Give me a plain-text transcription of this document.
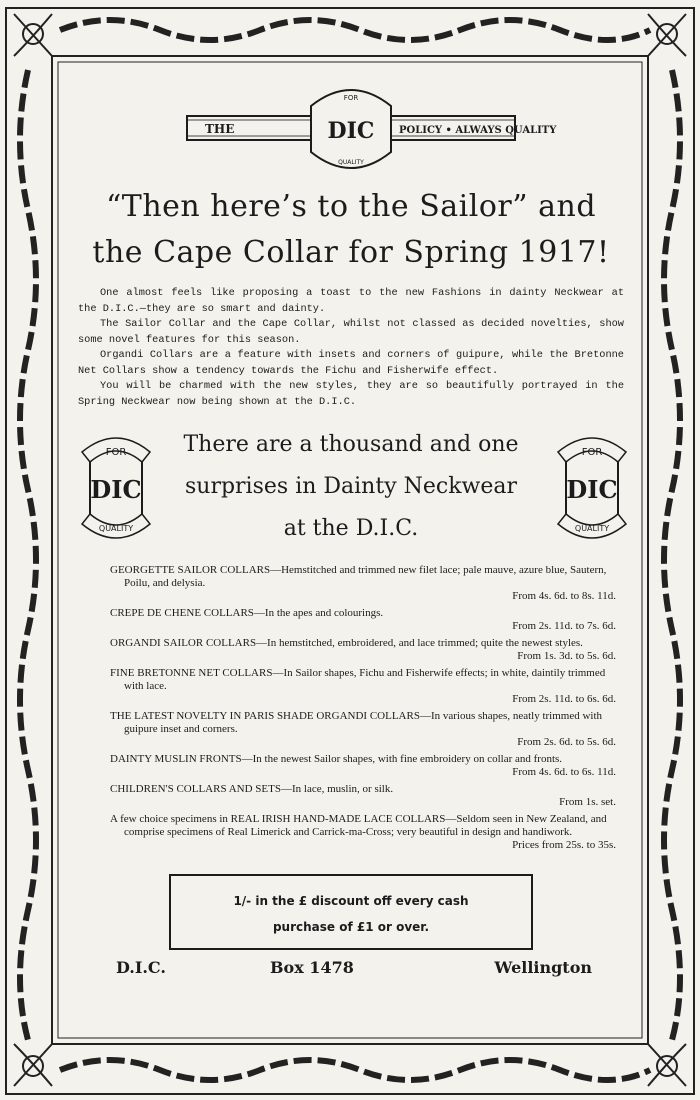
THE	DIC
FOR
QUALITY
POLICY • ALWAYS QUALITY
“Then here’s to the Sailor” and
the Cape Collar for Spring 1917!

One almost feels like proposing a toast to the new Fashions in dainty Neckwear at the D.I.C.—they are so smart and dainty.

The Sailor Collar and the Cape Collar, whilst not classed as decided novelties, show some novel features for this season.

Organdi Collars are a feature with insets and corners of guipure, while the Bretonne Net Collars show a tendency towards the Fichu and Fisherwife effect.

You will be charmed with the new styles, they are so beautifully portrayed in the Spring Neckwear now being shown at the D.I.C.

FOR
DIC
QUALITY
There are a thousand and one
surprises in Dainty Neckwear
at the D.I.C.
FOR
DIC
QUALITY
GEORGETTE SAILOR COLLARS—Hemstitched and trimmed new filet lace; pale mauve, azure blue, Sautern, Poilu, and delysia.
From 4s. 6d. to 8s. 11d.
CREPE DE CHENE COLLARS—In the apes and colourings.
From 2s. 11d. to 7s. 6d.
ORGANDI SAILOR COLLARS—In hemstitched, embroidered, and lace trimmed; quite the newest styles.
From 1s. 3d. to 5s. 6d.
FINE BRETONNE NET COLLARS—In Sailor shapes, Fichu and Fisherwife effects; in white, daintily trimmed with lace.
From 2s. 11d. to 6s. 6d.
THE LATEST NOVELTY IN PARIS SHADE ORGANDI COLLARS—In various shapes, neatly trimmed with guipure inset and corners.
From 2s. 6d. to 5s. 6d.
DAINTY MUSLIN FRONTS—In the newest Sailor shapes, with fine embroidery on collar and fronts.
From 4s. 6d. to 6s. 11d.
CHILDREN'S COLLARS AND SETS—In lace, muslin, or silk.
From 1s. set.
A few choice specimens in REAL IRISH HAND-MADE LACE COLLARS—Seldom seen in New Zealand, and comprise specimens of Real Limerick and Carrick-ma-Cross; very beautiful in design and handiwork.
Prices from 25s. to 35s.
1/- in the £ discount off every cash
purchase of £1 or over.
D.I.C.	Box 1478	Wellington
